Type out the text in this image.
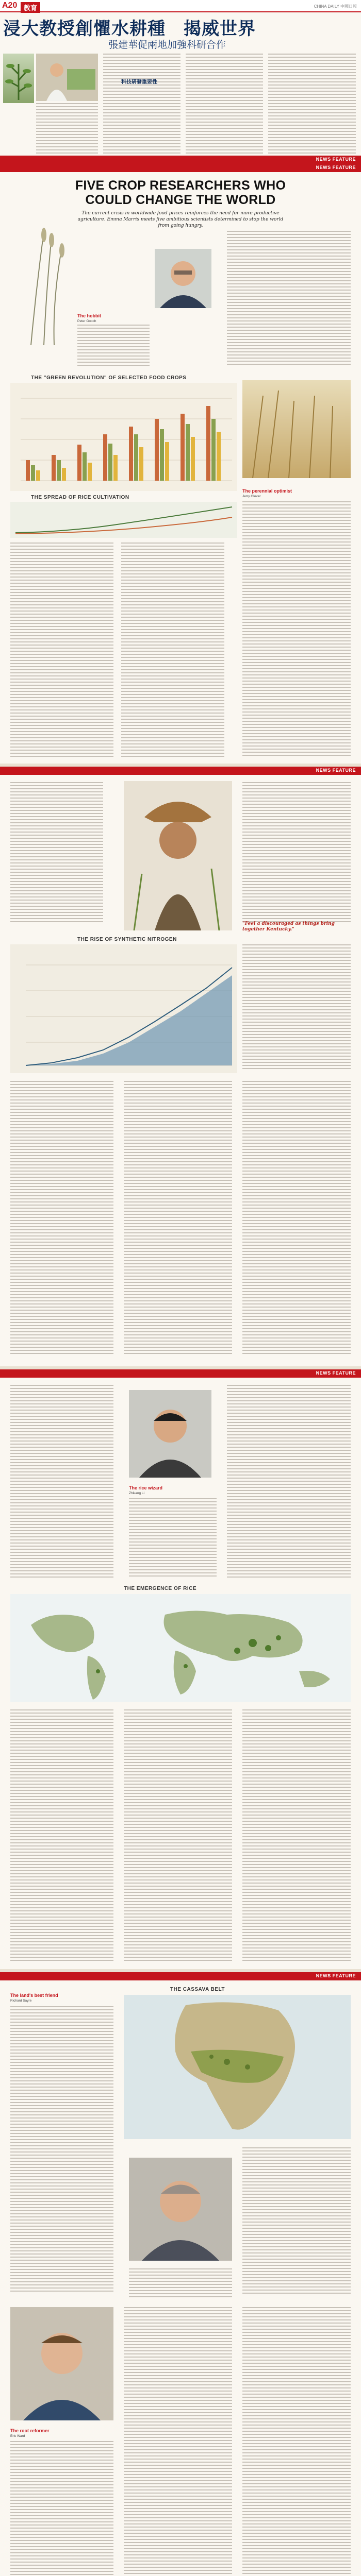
A20 教育	CHINA DAILY 中國日報
浸大教授創懼水耕種　揭威世界
張建華促兩地加強科研合作
科技研發重要性
NEWS FEATURE
FIVE CROP RESEARCHERS WHO
COULD CHANGE THE WORLD
The current crisis in worldwide food prices reinforces the need for more productive agriculture. Emma Marris meets five ambitious scientists determined to stop the world from going hungry.
The hobbit
Peter Gooch
THE "GREEN REVOLUTION" OF SELECTED FOOD CROPS
THE SPREAD OF RICE CULTIVATION
The perennial optimist
Jerry Glover
NEWS FEATURE
NEWS FEATURE
"Feel a discouraged as things bring together Kentucky."
THE RISE OF SYNTHETIC NITROGEN
NEWS FEATURE
The rice wizard
Zhikang Li
THE EMERGENCE OF RICE
NEWS FEATURE
The land's best friend
Richard Sayre
THE CASSAVA BELT
The root reformer
Eric Ward
